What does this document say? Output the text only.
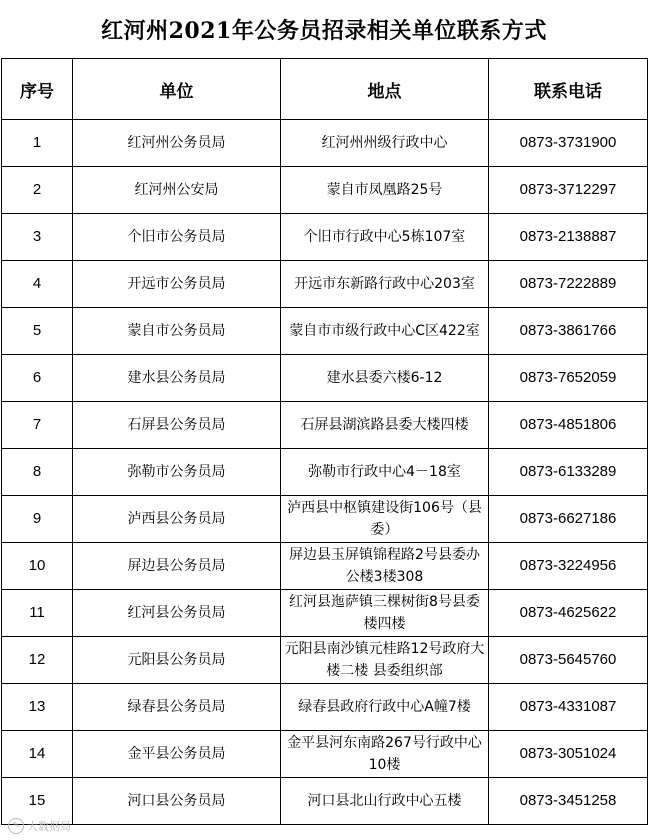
红河州2021年公务员招录相关单位联系方式
序号	单位	地点	联系电话
1	红河州公务员局	红河州州级行政中心	0873-3731900
2	红河州公安局	蒙自市凤凰路25号	0873-3712297
3	个旧市公务员局	个旧市行政中心5栋107室	0873-2138887
4	开远市公务员局	开远市东新路行政中心203室	0873-7222889
5	蒙自市公务员局	蒙自市市级行政中心C区422室	0873-3861766
6	建水县公务员局	建水县委六楼6-12	0873-7652059
7	石屏县公务员局	石屏县湖滨路县委大楼四楼	0873-4851806
8	弥勒市公务员局	弥勒市行政中心4－18室	0873-6133289
9	泸西县公务员局	泸西县中枢镇建设街106号（县委）	0873-6627186
10	屏边县公务员局	屏边县玉屏镇锦程路2号县委办公楼3楼308	0873-3224956
11	红河县公务员局	红河县迤萨镇三棵树街8号县委楼四楼	0873-4625622
12	元阳县公务员局	元阳县南沙镇元桂路12号政府大楼二楼 县委组织部	0873-5645760
13	绿春县公务员局	绿春县政府行政中心A幢7楼	0873-4331087
14	金平县公务员局	金平县河东南路267号行政中心10楼	0873-3051024
15	河口县公务员局	河口县北山行政中心五楼	0873-3451258
✎ 大数据局
